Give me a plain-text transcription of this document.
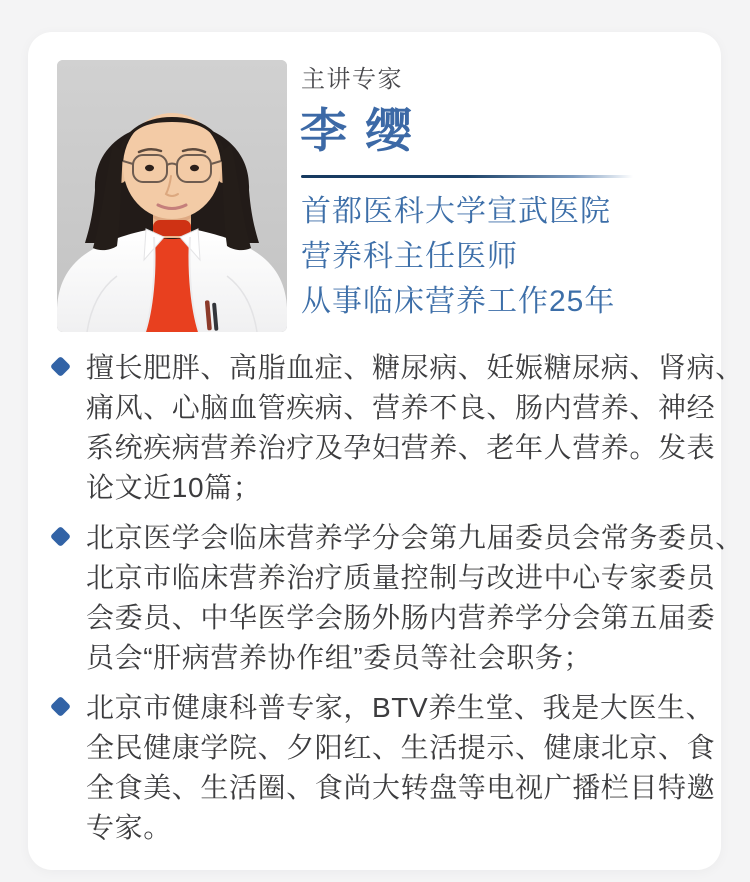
主讲专家
李缨
首都医科大学宣武医院
营养科主任医师
从事临床营养工作25年
擅长肥胖、高脂血症、糖尿病、妊娠糖尿病、肾病、
痛风、心脑血管疾病、营养不良、肠内营养、神经
系统疾病营养治疗及孕妇营养、老年人营养。发表
论文近10篇；
北京医学会临床营养学分会第九届委员会常务委员、
北京市临床营养治疗质量控制与改进中心专家委员
会委员、中华医学会肠外肠内营养学分会第五届委
员会“肝病营养协作组”委员等社会职务；
北京市健康科普专家，BTV养生堂、我是大医生、
全民健康学院、夕阳红、生活提示、健康北京、食
全食美、生活圈、食尚大转盘等电视广播栏目特邀
专家。
